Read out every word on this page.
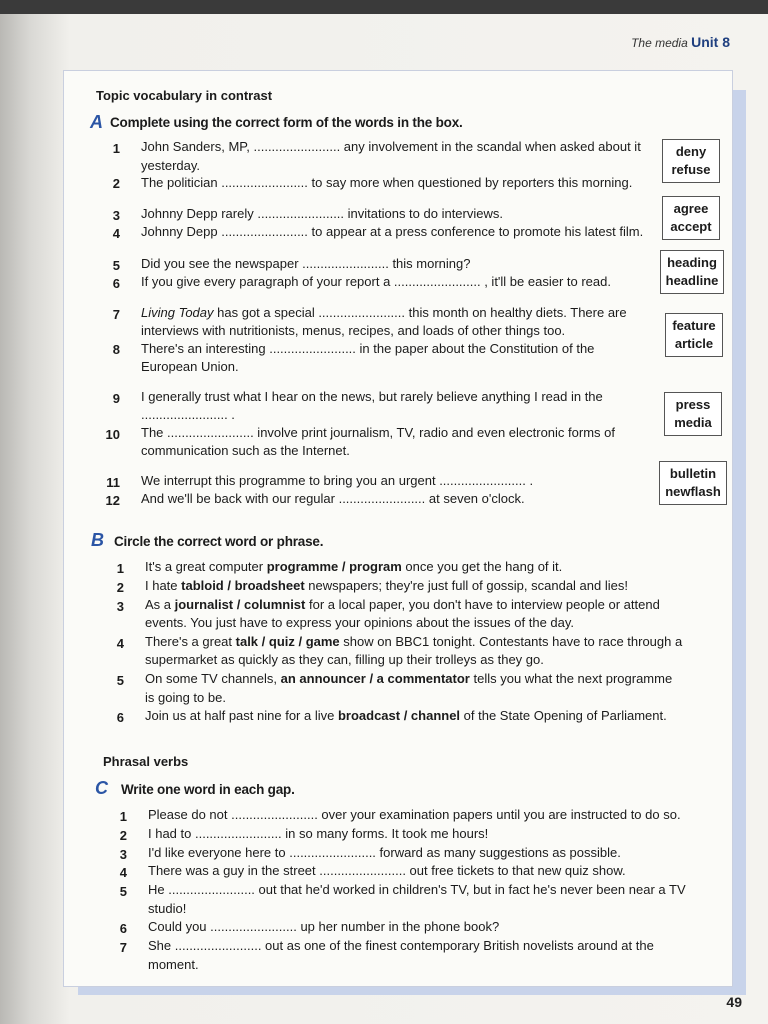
The media Unit 8
Topic vocabulary in contrast
A Complete using the correct form of the words in the box.
1 John Sanders, MP, ........................ any involvement in the scandal when asked about it
yesterday.
2 The politician ........................ to say more when questioned by reporters this morning.
3 Johnny Depp rarely ........................ invitations to do interviews.
4 Johnny Depp ........................ to appear at a press conference to promote his latest film.
5 Did you see the newspaper ........................ this morning?
6 If you give every paragraph of your report a ........................ , it'll be easier to read.
7 Living Today has got a special ........................ this month on healthy diets. There are
interviews with nutritionists, menus, recipes, and loads of other things too.
8 There's an interesting ........................ in the paper about the Constitution of the
European Union.
9 I generally trust what I hear on the news, but rarely believe anything I read in the
........................ .
10 The ........................ involve print journalism, TV, radio and even electronic forms of
communication such as the Internet.
11 We interrupt this programme to bring you an urgent ........................ .
12 And we'll be back with our regular ........................ at seven o'clock.
deny
refuse
agree
accept
heading
headline
feature
article
press
media
bulletin
newflash
B Circle the correct word or phrase.
1 It's a great computer programme / program once you get the hang of it.
2 I hate tabloid / broadsheet newspapers; they're just full of gossip, scandal and lies!
3 As a journalist / columnist for a local paper, you don't have to interview people or attend
events. You just have to express your opinions about the issues of the day.
4 There's a great talk / quiz / game show on BBC1 tonight. Contestants have to race through a
supermarket as quickly as they can, filling up their trolleys as they go.
5 On some TV channels, an announcer / a commentator tells you what the next programme
is going to be.
6 Join us at half past nine for a live broadcast / channel of the State Opening of Parliament.
Phrasal verbs
C Write one word in each gap.
1 Please do not ........................ over your examination papers until you are instructed to do so.
2 I had to ........................ in so many forms. It took me hours!
3 I'd like everyone here to ........................ forward as many suggestions as possible.
4 There was a guy in the street ........................ out free tickets to that new quiz show.
5 He ........................ out that he'd worked in children's TV, but in fact he's never been near a TV
studio!
6 Could you ........................ up her number in the phone book?
7 She ........................ out as one of the finest contemporary British novelists around at the
moment.
49
